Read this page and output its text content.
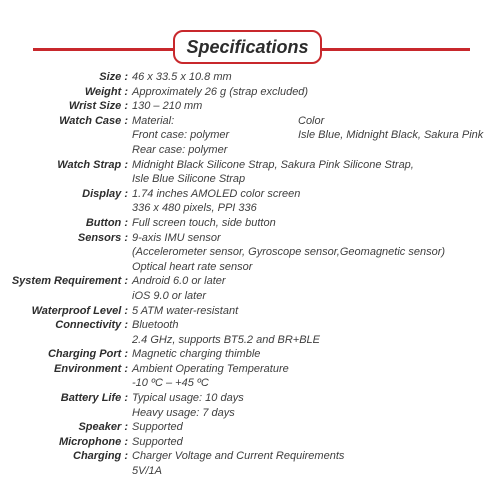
Specifications
Size : 46 x 33.5 x 10.8 mm
Weight : Approximately 26 g (strap excluded)
Wrist Size : 130 – 210 mm
Watch Case : Material:	Color
Front case: polymer	Isle Blue, Midnight Black, Sakura Pink
Rear case: polymer
Watch Strap : Midnight Black Silicone Strap, Sakura Pink Silicone Strap,
Isle Blue Silicone Strap
Display : 1.74 inches AMOLED color screen
336 x 480 pixels, PPI 336
Button : Full screen touch, side button
Sensors : 9-axis IMU sensor
(Accelerometer sensor, Gyroscope sensor,Geomagnetic sensor)
Optical heart rate sensor
System Requirement : Android 6.0 or later
iOS 9.0 or later
Waterproof Level : 5 ATM water-resistant
Connectivity : Bluetooth
2.4 GHz, supports BT5.2 and BR+BLE
Charging Port : Magnetic charging thimble
Environment : Ambient Operating Temperature
-10 ºC – +45 ºC
Battery Life : Typical usage: 10 days
Heavy usage: 7 days
Speaker : Supported
Microphone : Supported
Charging : Charger Voltage and Current Requirements
5V/1A
